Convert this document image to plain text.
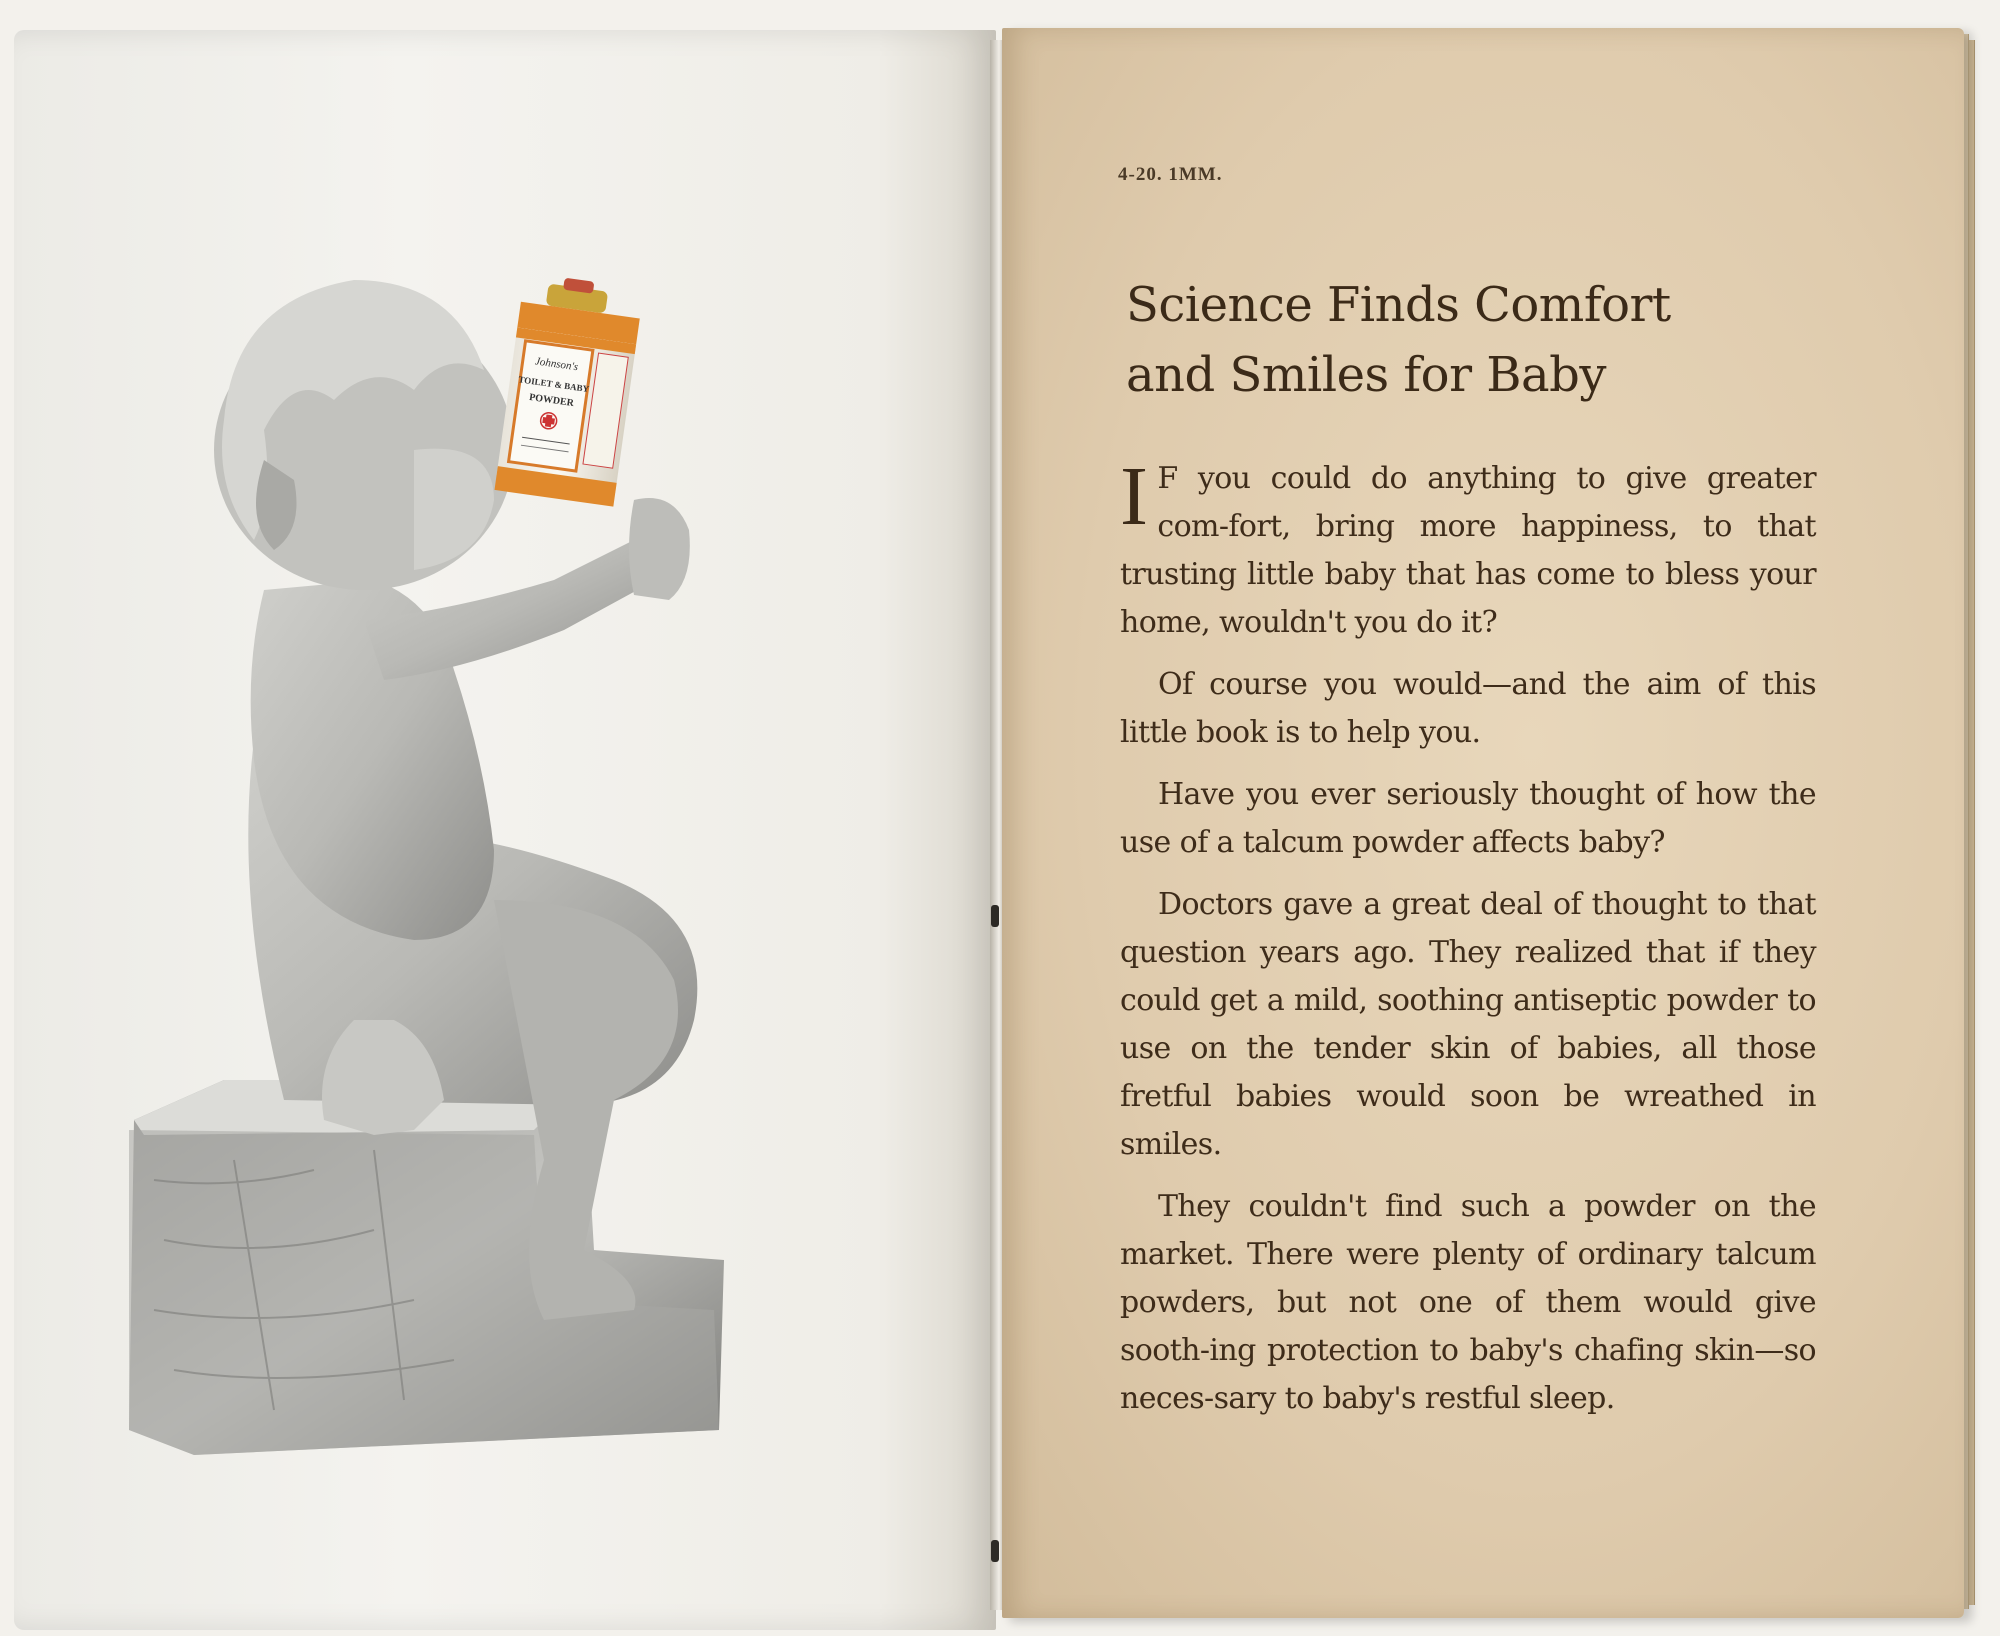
Johnson's
TOILET & BABY
POWDER
4-20. 1MM.
Science Finds Comfort
and Smiles for Baby

I F you could do anything to give greater com-fort, bring more happiness, to that trusting little baby that has come to bless your home, wouldn't you do it?

Of course you would—and the aim of this little book is to help you.

Have you ever seriously thought of how the use of a talcum powder affects baby?

Doctors gave a great deal of thought to that question years ago. They realized that if they could get a mild, soothing antiseptic powder to use on the tender skin of babies, all those fretful babies would soon be wreathed in smiles.

They couldn't find such a powder on the market. There were plenty of ordinary talcum powders, but not one of them would give sooth-ing protection to baby's chafing skin—so neces-sary to baby's restful sleep.
